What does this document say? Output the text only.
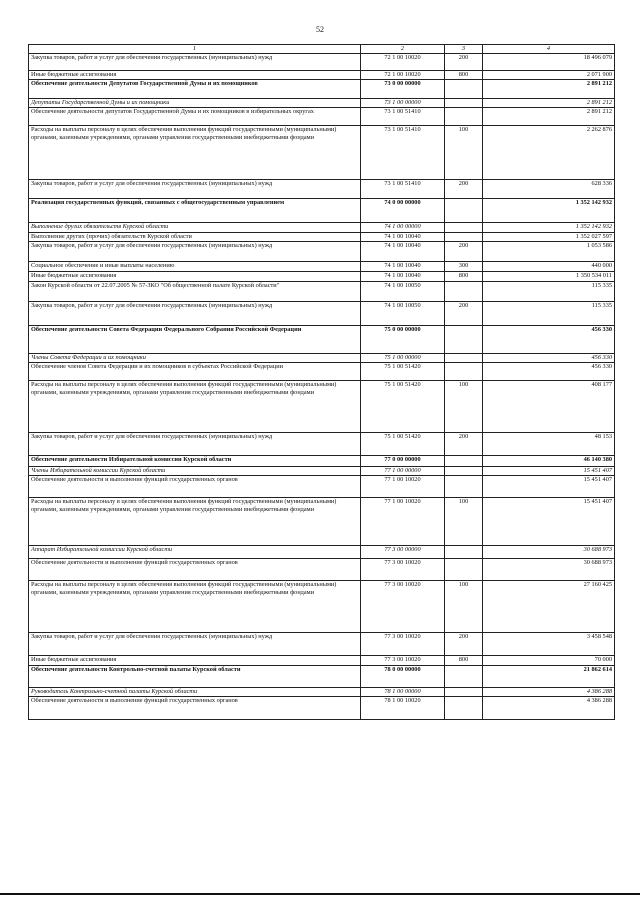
52
1	2	3	4
Закупка товаров, работ и услуг для обеспечения государственных (муниципальных) нужд	72 1 00 10020	200	18 496 079
Иные бюджетные ассигнования	72 1 00 10020	800	2 071 900
Обеспечение деятельности Депутатов Государственной Думы и их помощников	73 0 00 00000		2 891 212
Депутаты Государственной Думы и их помощники	73 1 00 00000		2 891 212
Обеспечение деятельности депутатов Государственной Думы и их помощников в избирательных округах	73 1 00 51410		2 891 212
Расходы на выплаты персоналу в целях обеспечения выполнения функций государственными (муниципальными) органами, казенными учреждениями, органами управления государственными внебюджетными фондами	73 1 00 51410	100	2 262 876
Закупка товаров, работ и услуг для обеспечения государственных (муниципальных) нужд	73 1 00 51410	200	628 336
Реализация государственных функций, связанных с общегосударственным управлением	74 0 00 00000		1 352 142 932
Выполнение других обязательств Курской области	74 1 00 00000		1 352 142 932
Выполнение других (прочих) обязательств Курской области	74 1 00 10040		1 352 027 597
Закупка товаров, работ и услуг для обеспечения государственных (муниципальных) нужд	74 1 00 10040	200	1 053 586
Социальное обеспечение и иные выплаты населению	74 1 00 10040	300	440 000
Иные бюджетные ассигнования	74 1 00 10040	800	1 350 534 011
Закон Курской области от 22.07.2005 № 57-ЗКО "Об общественной палате Курской области"	74 1 00 10050		115 335
Закупка товаров, работ и услуг для обеспечения государственных (муниципальных) нужд	74 1 00 10050	200	115 335
Обеспечение деятельности Совета Федерации Федерального Собрания Российской Федерации	75 0 00 00000		456 330
Члены Совета Федерации и их помощники	75 1 00 00000		456 330
Обеспечение членов Совета Федерации и их помощников в субъектах Российской Федерации	75 1 00 51420		456 330
Расходы на выплаты персоналу в целях обеспечения выполнения функций государственными (муниципальными) органами, казенными учреждениями, органами управления государственными внебюджетными фондами	75 1 00 51420	100	408 177
Закупка товаров, работ и услуг для обеспечения государственных (муниципальных) нужд	75 1 00 51420	200	48 153
Обеспечение деятельности Избирательной комиссии Курской области	77 0 00 00000		46 140 380
Члены Избирательной комиссии Курской области	77 1 00 00000		15 451 407
Обеспечение деятельности и выполнение функций государственных органов	77 1 00 10020		15 451 407
Расходы на выплаты персоналу в целях обеспечения выполнения функций государственными (муниципальными) органами, казенными учреждениями, органами управления государственными внебюджетными фондами	77 1 00 10020	100	15 451 407
Аппарат Избирательной комиссии Курской области	77 3 00 00000		30 688 973
Обеспечение деятельности и выполнение функций государственных органов	77 3 00 10020		30 688 973
Расходы на выплаты персоналу в целях обеспечения выполнения функций государственными (муниципальными) органами, казенными учреждениями, органами управления государственными внебюджетными фондами	77 3 00 10020	100	27 160 425
Закупка товаров, работ и услуг для обеспечения государственных (муниципальных) нужд	77 3 00 10020	200	3 458 548
Иные бюджетные ассигнования	77 3 00 10020	800	70 000
Обеспечение деятельности Контрольно-счетной палаты Курской области	78 0 00 00000		21 862 614
Руководитель Контрольно-счетной палаты Курской области	78 1 00 00000		4 386 288
Обеспечение деятельности и выполнение функций государственных органов	78 1 00 10020		4 386 288
